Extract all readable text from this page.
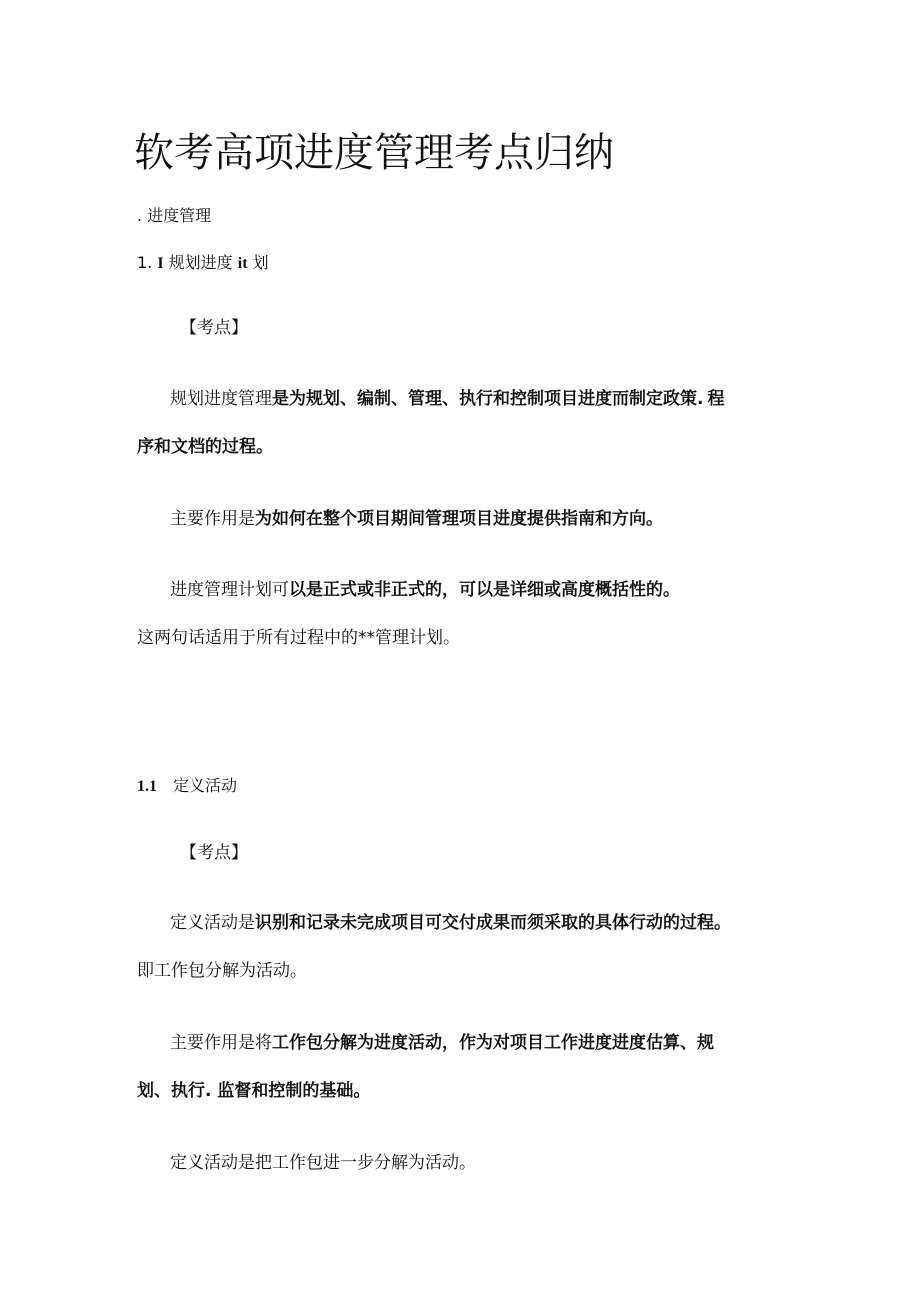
软考高项进度管理考点归纳
. 进度管理
1. I 规划进度 it 划
【考点】
规划进度管理是为规划、编制、管理、执行和控制项目进度而制定政策. 程
序和文档的过程。
主要作用是为如何在整个项目期间管理项目进度提供指南和方向。
进度管理计划可以是正式或非正式的，可以是详细或高度概括性的。
这两句话适用于所有过程中的**管理计划。
1.1 定义活动
【考点】
定义活动是识别和记录未完成项目可交付成果而须采取的具体行动的过程。
即工作包分解为活动。
主要作用是将工作包分解为进度活动，作为对项目工作进度进度估算、规
划、执行. 监督和控制的基础。
定义活动是把工作包进一步分解为活动。
